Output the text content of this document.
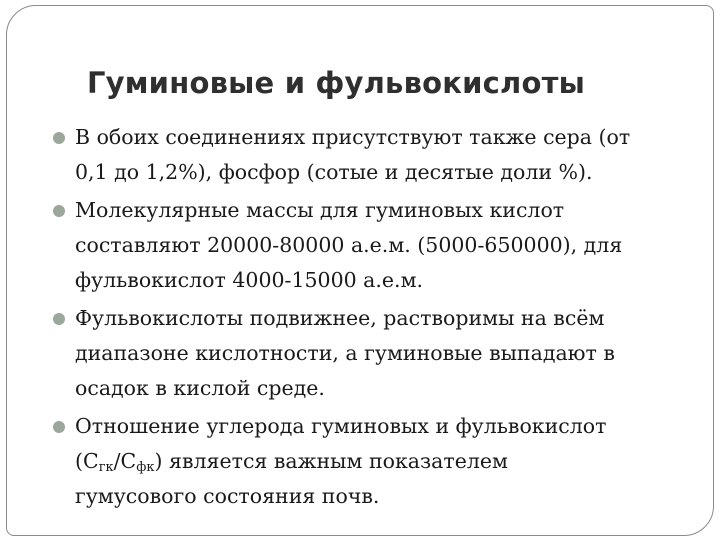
Гуминовые и фульвокислоты
В обоих соединениях присутствуют также сера (от
0,1 до 1,2%), фосфор (сотые и десятые доли %).
Молекулярные массы для гуминовых кислот
составляют 20000-80000 а.е.м. (5000-650000), для
фульвокислот 4000-15000 а.е.м.
Фульвокислоты подвижнее, растворимы на всём
диапазоне кислотности, а гуминовые выпадают в
осадок в кислой среде.
Отношение углерода гуминовых и фульвокислот
$(С_{гк}/С_{фк})$ является важным показателем
гумусового состояния почв.
